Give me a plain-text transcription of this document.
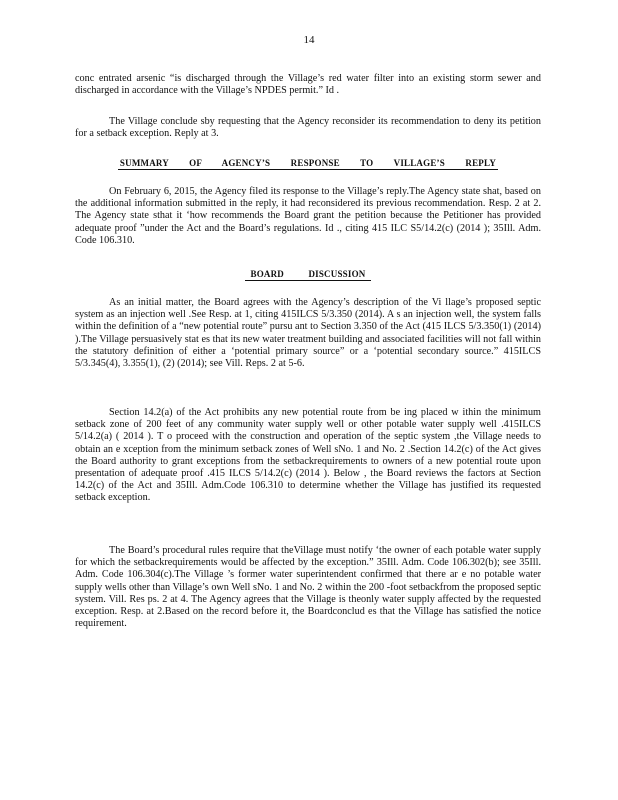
14
conc entrated arsenic “is discharged through the Village’s red water filter into an existing storm sewer and discharged in accordance with the Village’s NPDES permit.” Id .
The Village conclude sby requesting that the Agency reconsider its recommendation to deny its petition for a setback exception. Reply at 3.
SUMMARY OF AGENCY’S RESPONSE TO VILLAGE’S REPLY
On February 6, 2015, the Agency filed its response to the Village’s reply.The Agency state shat, based on the additional information submitted in the reply, it had reconsidered its previous recommendation. Resp. 2 at 2. The Agency state sthat it ‘how recommends the Board grant the petition because the Petitioner has provided adequate proof ”under the Act and the Board’s regulations. Id ., citing 415 ILC S5/14.2(c) (2014 ); 35Ill. Adm. Code 106.310.
BOARD DISCUSSION
As an initial matter, the Board agrees with the Agency’s description of the Vi llage’s proposed septic system as an injection well .See Resp. at 1, citing 415ILCS 5/3.350 (2014). A s an injection well, the system falls within the definition of a “new potential route” pursu ant to Section 3.350 of the Act (415 ILCS 5/3.350(1) (2014) ).The Village persuasively stat es that its new water treatment building and associated facilities will not fall within the statutory definition of either a ‘potential primary source” or a ‘potential secondary source.” 415ILCS 5/3.345(4), 3.355(1), (2) (2014); see Vill. Reps. 2 at 5-6.
Section 14.2(a) of the Act prohibits any new potential route from be ing placed w ithin the minimum setback zone of 200 feet of any community water supply well or other potable water supply well .415ILCS 5/14.2(a) ( 2014 ). T o proceed with the construction and operation of the septic system ,the Village needs to obtain an e xception from the minimum setback zones of Well sNo. 1 and No. 2 .Section 14.2(c) of the Act gives the Board authority to grant exceptions from the setbackrequirements to owners of a new potential route upon presentation of adequate proof .415 ILCS 5/14.2(c) (2014 ). Below , the Board reviews the factors at Section 14.2(c) of the Act and 35Ill. Adm.Code 106.310 to determine whether the Village has justified its requested setback exception.
The Board’s procedural rules require that theVillage must notify ‘the owner of each potable water supply for which the setbackrequirements would be affected by the exception.” 35Ill. Adm. Code 106.302(b); see 35Ill. Adm. Code 106.304(c).The Village ’s former water superintendent confirmed that there ar e no potable water supply wells other than Village’s own Well sNo. 1 and No. 2 within the 200 -foot setbackfrom the proposed septic system. Vill. Res ps. 2 at 4. The Agency agrees that the Village is theonly water supply affected by the requested exception. Resp. at 2.Based on the record before it, the Boardconclud es that the Village has satisfied the notice requirement.
